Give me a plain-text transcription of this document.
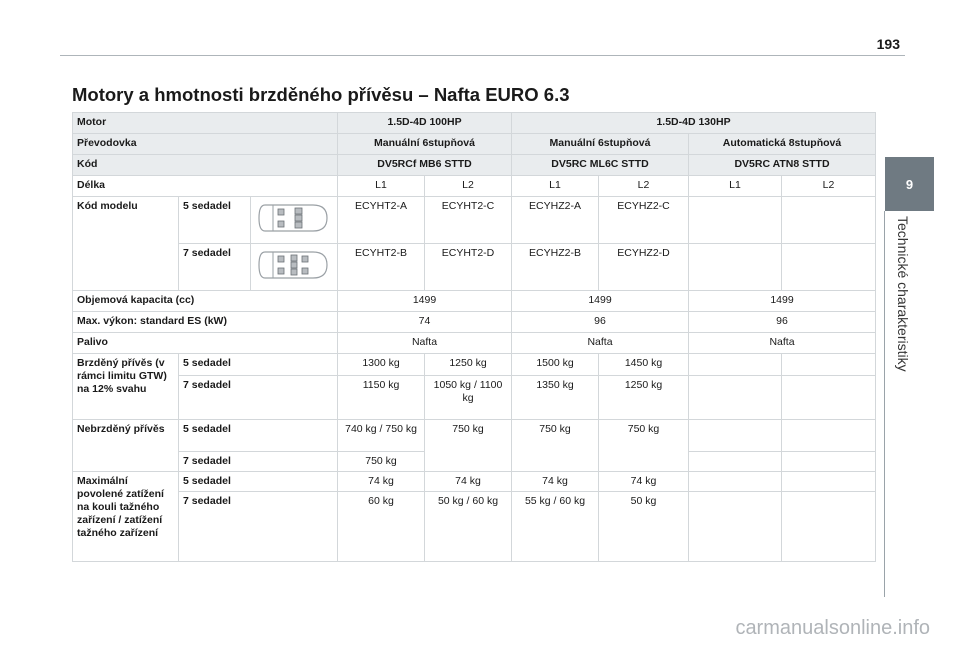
193
9
Technické charakteristiky
Motory a hmotnosti brzděného přívěsu – Nafta EURO 6.3
Motor			1.5D-4D 100HP		1.5D-4D 130HP			
Převodovka			Manuální 6stupňová		Manuální 6stupňová		Automatická 8stupňová	
Kód			DV5RCf MB6 STTD		DV5RC ML6C STTD		DV5RC ATN8 STTD	
Délka			L1	L2	L1	L2	L1	L2
Kód modelu	5 sedadel		ECYHT2-A	ECYHT2-C	ECYHZ2-A	ECYHZ2-C		
	7 sedadel		ECYHT2-B	ECYHT2-D	ECYHZ2-B	ECYHZ2-D		
Objemová kapacita (cc)			1499		1499		1499	
Max. výkon: standard ES (kW)			74		96		96	
Palivo			Nafta		Nafta		Nafta	
Brzděný přívěs (v rámci limitu GTW) na 12% svahu	5 sedadel		1300 kg	1250 kg	1500 kg	1450 kg		
	7 sedadel		1150 kg	1050 kg / 1100 kg	1350 kg	1250 kg		
Nebrzděný přívěs	5 sedadel		740 kg / 750 kg	750 kg	750 kg	750 kg		
	7 sedadel		750 kg					
Maximální povolené zatížení na kouli tažného zařízení / zatížení tažného zařízení	5 sedadel		74 kg	74 kg	74 kg	74 kg		
	7 sedadel		60 kg	50 kg / 60 kg	55 kg / 60 kg	50 kg		
carmanualsonline.info
